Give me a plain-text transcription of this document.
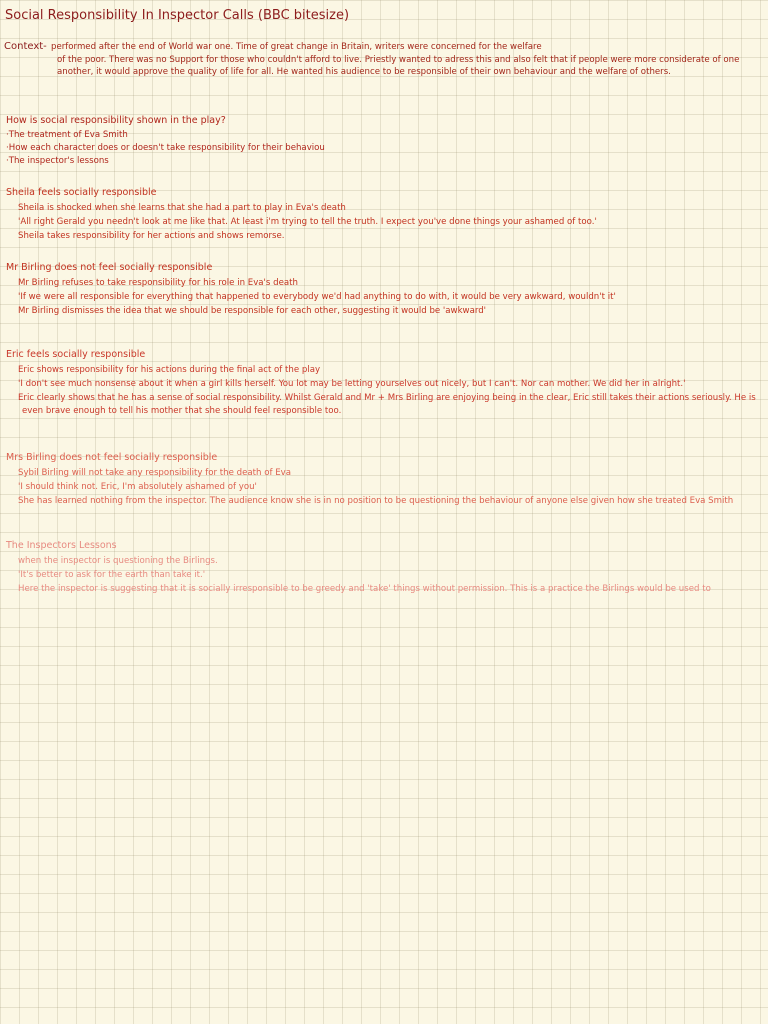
Social Responsibility In Inspector Calls (BBC bitesize)
Context- performed after the end of World war one. Time of great change in Britain, writers were concerned for the welfare
of the poor. There was no Support for those who couldn't afford to live. Priestly wanted to adress this and also felt that if people were more considerate of one another, it would approve the quality of life for all. He wanted his audience to be responsible of their own behaviour and the welfare of others.
How is social responsibility shown in the play?
·The treatment of Eva Smith
·How each character does or doesn't take responsibility for their behaviou
·The inspector's lessons
Sheila feels socially responsible
Sheila is shocked when she learns that she had a part to play in Eva's death
'All right Gerald you needn't look at me like that. At least i'm trying to tell the truth. I expect you've done things your ashamed of too.'
Sheila takes responsibility for her actions and shows remorse.
Mr Birling does not feel socially responsible
Mr Birling refuses to take responsibility for his role in Eva's death
'If we were all responsible for everything that happened to everybody we'd had anything to do with, it would be very awkward, wouldn't it'
Mr Birling dismisses the idea that we should be responsible for each other, suggesting it would be 'awkward'
Eric feels socially responsible
Eric shows responsibility for his actions during the final act of the play
'I don't see much nonsense about it when a girl kills herself. You lot may be letting yourselves out nicely, but I can't. Nor can mother. We did her in alright.'
Eric clearly shows that he has a sense of social responsibility. Whilst Gerald and Mr + Mrs Birling are enjoying being in the clear, Eric still takes their actions seriously. He is even brave enough to tell his mother that she should feel responsible too.
Mrs Birling does not feel socially responsible
Sybil Birling will not take any responsibility for the death of Eva
'I should think not. Eric, I'm absolutely ashamed of you'
She has learned nothing from the inspector. The audience know she is in no position to be questioning the behaviour of anyone else given how she treated Eva Smith
The Inspectors Lessons
when the inspector is questioning the Birlings.
'It's better to ask for the earth than take it.'
Here the inspector is suggesting that it is socially irresponsible to be greedy and 'take' things without permission. This is a practice the Birlings would be used to
